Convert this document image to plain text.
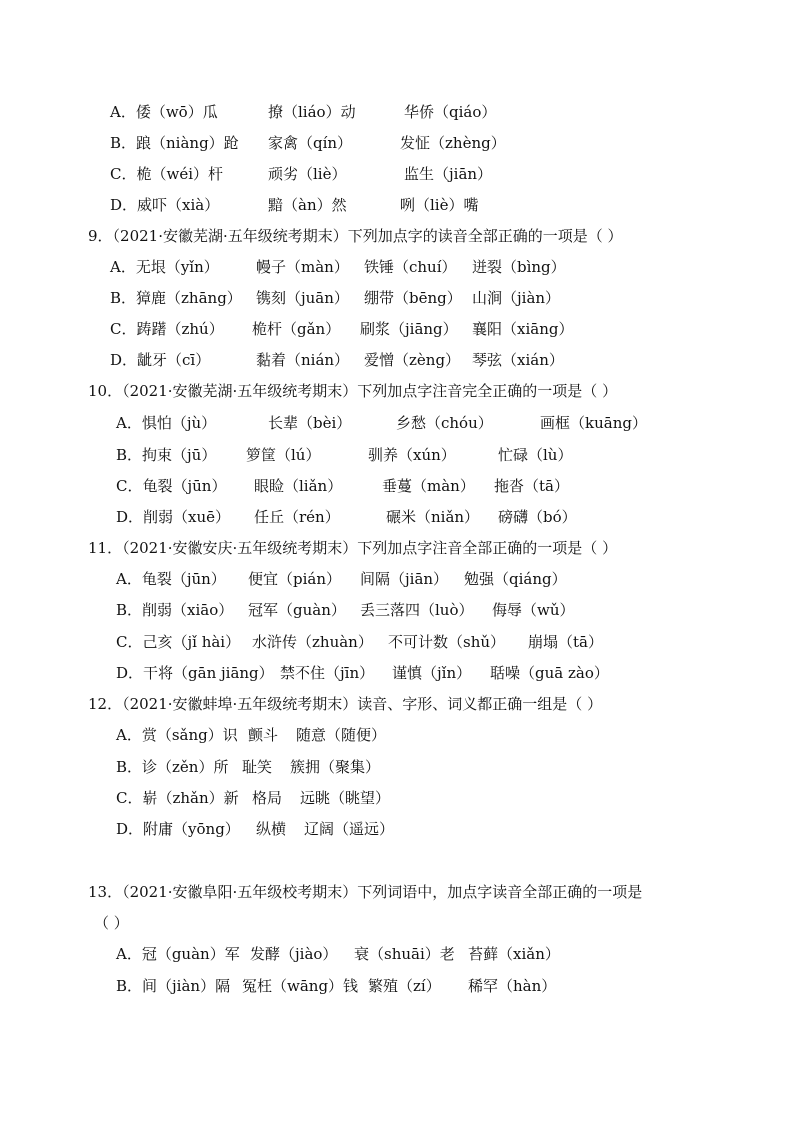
A．倭（wō）瓜	撩（liáo）动	华侨（qiáo）
B．踉（niàng）跄 家禽（qín）	发怔（zhèng）
C．桅（wéi）杆	顽劣（liè）	监生（jiān）
D．威吓（xià）	黯（àn）然	咧（liè）嘴
9．（2021·安徽芜湖·五年级统考期末）下列加点字的读音全部正确的一项是（ ）
A．无垠（yǐn） 幔子（màn） 铁锤（chuí） 迸裂（bìng）
B．獐鹿（zhāng） 镌刻（juān） 绷带（bēng） 山涧（jiàn）
C．踌躇（zhú） 桅杆（gǎn） 刷浆（jiāng） 襄阳（xiāng）
D．龇牙（cī）	黏着（nián） 爱憎（zèng） 琴弦（xián）
10．（2021·安徽芜湖·五年级统考期末）下列加点字注音完全正确的一项是（ ）
A．惧怕（jù）	长辈（bèi）	乡愁（chóu）	画框（kuāng）
B．拘束（jū） 箩筐（lú）	驯养（xún）	忙碌（lù）
C．龟裂（jūn） 眼睑（liǎn）	垂蔓（màn） 拖沓（tā）
D．削弱（xuē） 任丘（rén）	碾米（niǎn） 磅礴（bó）
11．（2021·安徽安庆·五年级统考期末）下列加点字注音全部正确的一项是（ ）
A．龟裂（jūn） 便宜（pián） 间隔（jiān） 勉强（qiáng）
B．削弱（xiāo） 冠军（guàn） 丢三落四（luò） 侮辱（wǔ）
C．己亥（jǐ hài） 水浒传（zhuàn） 不可计数（shǔ） 崩塌（tā）
D．干将（gān jiāng） 禁不住（jīn） 谨慎（jǐn） 聒噪（guā zào）
12．（2021·安徽蚌埠·五年级统考期末）读音、字形、词义都正确一组是（ ）
A．赏（sǎng）识 颤斗 随意（随便）
B．诊（zěn）所 耻笑 簇拥（聚集）
C．崭（zhǎn）新 格局 远眺（眺望）
D．附庸（yōng） 纵横 辽阔（遥远）
13．（2021·安徽阜阳·五年级校考期末）下列词语中，加点字读音全部正确的一项是
（ ）
A．冠（guàn）军 发酵（jiào） 衰（shuāi）老 苔藓（xiǎn）
B．间（jiàn）隔 冤枉（wāng）钱 繁殖（zí） 稀罕（hàn）
